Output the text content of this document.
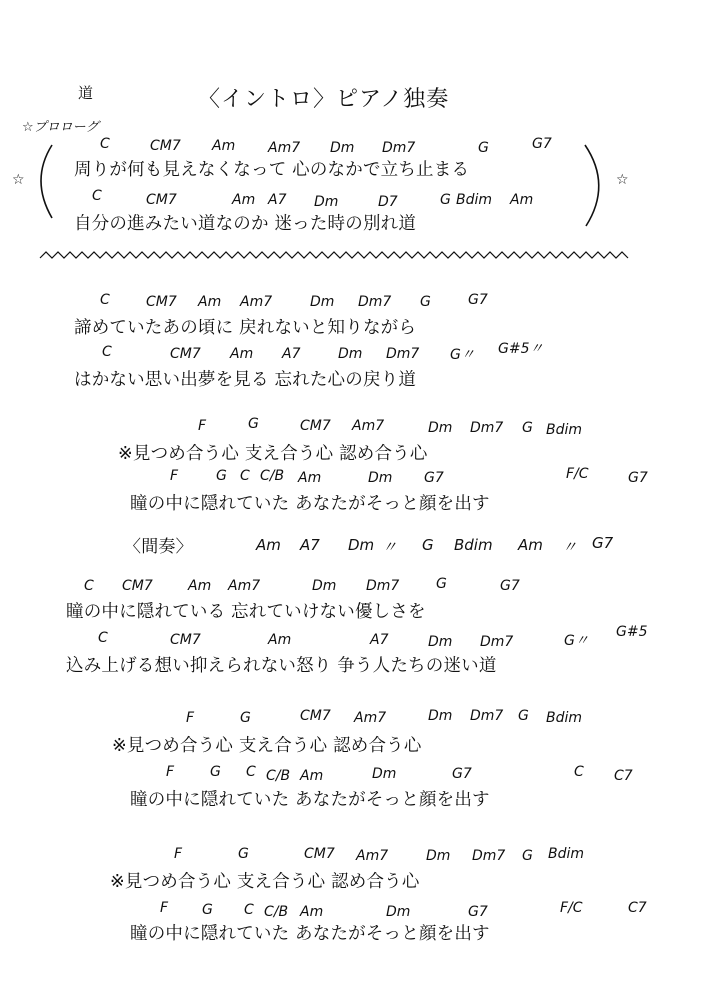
道	〈イントロ〉ピアノ独奏
☆プロローグ
☆	☆
C	CM7 Am Am7 Dm Dm7	G	G7
周りが何も見えなくなって 心のなかで立ち止まる
C	CM7	Am A7 Dm	D7	G Bdim Am
自分の進みたい道なのか 迷った時の別れ道
C	CM7 Am Am7	Dm Dm7 G	G7
諦めていたあの頃に 戻れないと知りながら
C	CM7 Am A7	Dm Dm7 G〃 G#5〃
はかない思い出夢を見る 忘れた心の戻り道
F	G	CM7 Am7	Dm Dm7 G Bdim
※見つめ合う心 支え合う心 認め合う心
F	G C C/B Am	Dm G7	F/C	G7
瞳の中に隠れていた あなたがそっと顔を出す
〈間奏〉	Am A7 Dm 〃 G Bdim Am 〃 G7
C CM7	Am Am7	Dm Dm7	G	G7
瞳の中に隠れている 忘れていけない優しさを
C	CM7	Am	A7	Dm Dm7	G〃
G#5
込み上げる想い抑えられない怒り 争う人たちの迷い道
F	G	CM7 Am7	Dm Dm7 G Bdim
※見つめ合う心 支え合う心 認め合う心
F	G C C/B Am	Dm	G7	C C7
瞳の中に隠れていた あなたがそっと顔を出す
F	G	CM7 Am7	Dm Dm7 G Bdim
※見つめ合う心 支え合う心 認め合う心
F G C C/B Am	Dm	G7	F/C	C7
瞳の中に隠れていた あなたがそっと顔を出す
